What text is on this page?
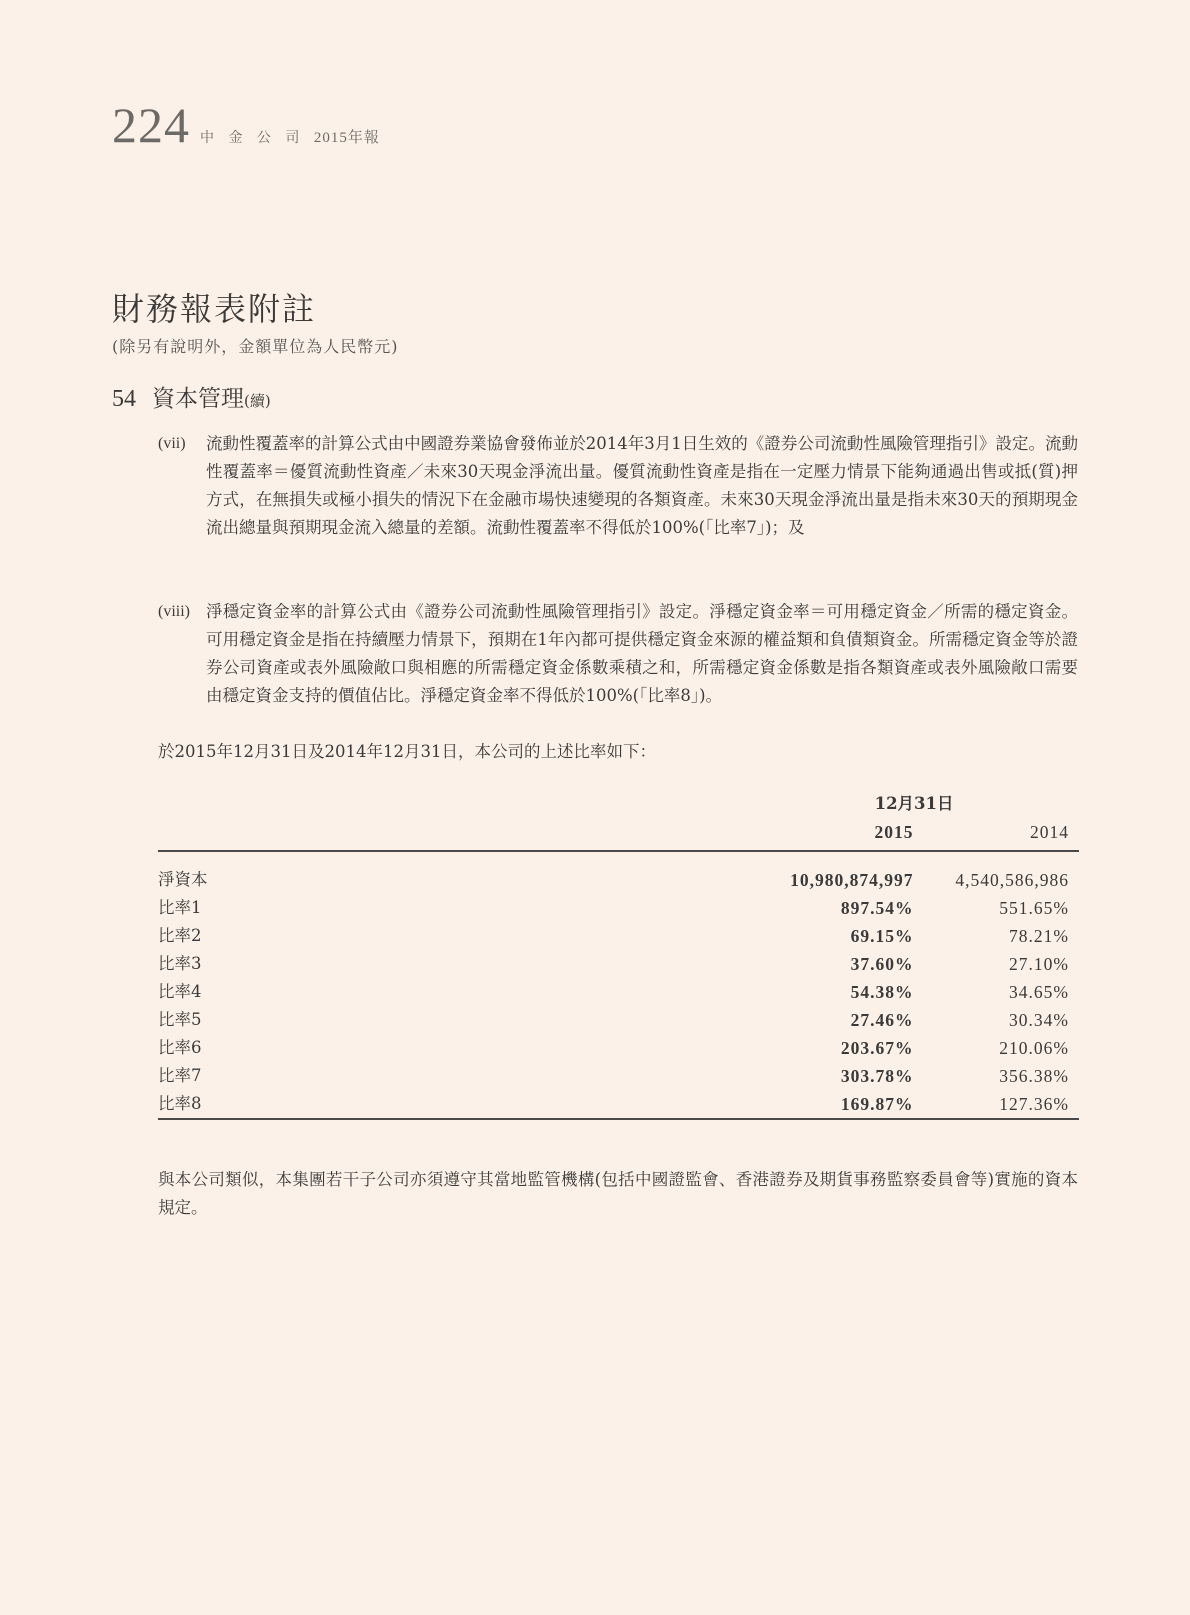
224 中 金 公 司 2015年報
財務報表附註
(除另有說明外，金額單位為人民幣元)
54 資本管理 (續)
(vii)	流動性覆蓋率的計算公式由中國證券業協會發佈並於2014年3月1日生效的《證券公司流動性風險管理指引》設定。流動性覆蓋率＝優質流動性資產／未來30天現金淨流出量。優質流動性資產是指在一定壓力情景下能夠通過出售或抵(質)押方式，在無損失或極小損失的情況下在金融市場快速變現的各類資產。未來30天現金淨流出量是指未來30天的預期現金流出總量與預期現金流入總量的差額。流動性覆蓋率不得低於100%(「比率7」)；及
(viii) 淨穩定資金率的計算公式由《證券公司流動性風險管理指引》設定。淨穩定資金率＝可用穩定資金／所需的穩定資金。可用穩定資金是指在持續壓力情景下，預期在1年內都可提供穩定資金來源的權益類和負債類資金。所需穩定資金等於證券公司資產或表外風險敞口與相應的所需穩定資金係數乘積之和，所需穩定資金係數是指各類資產或表外風險敞口需要由穩定資金支持的價值佔比。淨穩定資金率不得低於100%(「比率8」)。
於2015年12月31日及2014年12月31日，本公司的上述比率如下：
	12月31日	
	2015	2014

淨資本	10,980,874,997	4,540,586,986
比率1	897.54%	551.65%
比率2	69.15%	78.21%
比率3	37.60%	27.10%
比率4	54.38%	34.65%
比率5	27.46%	30.34%
比率6	203.67%	210.06%
比率7	303.78%	356.38%
比率8	169.87%	127.36%
與本公司類似，本集團若干子公司亦須遵守其當地監管機構(包括中國證監會、香港證券及期貨事務監察委員會等)實施的資本規定。
